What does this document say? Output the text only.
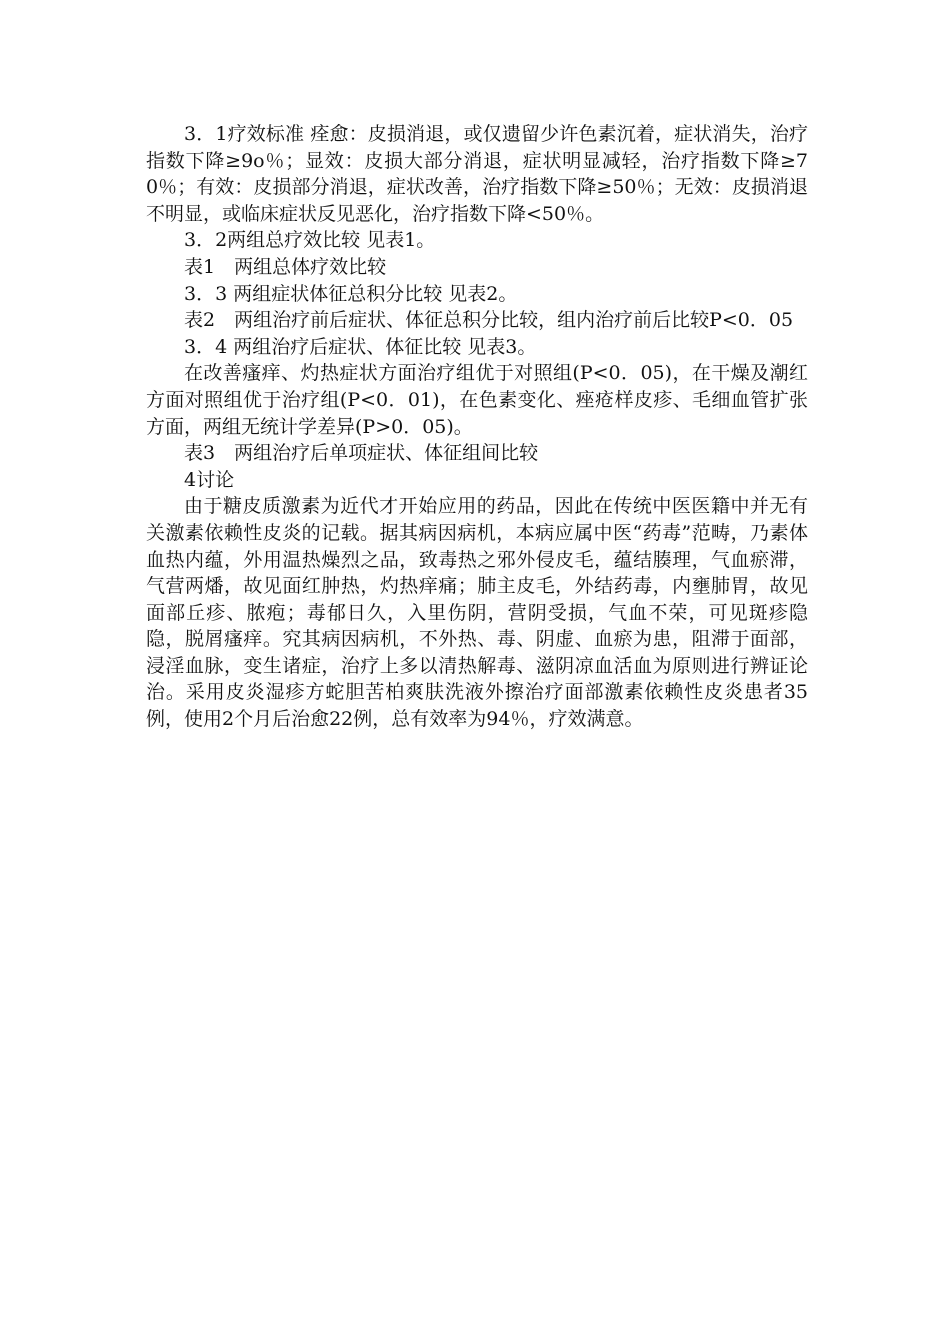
3．1疗效标准 痊愈：皮损消退，或仅遗留少许色素沉着，症状消失，治疗指数下降≥9o％；显效：皮损大部分消退，症状明显减轻，治疗指数下降≥70％；有效：皮损部分消退，症状改善，治疗指数下降≥50％；无效：皮损消退不明显，或临床症状反见恶化，治疗指数下降<50％。

3．2两组总疗效比较 见表1。

表1　两组总体疗效比较

3．3 两组症状体征总积分比较 见表2。

表2　两组治疗前后症状、体征总积分比较，组内治疗前后比较P<0．05

3．4 两组治疗后症状、体征比较 见表3。

在改善瘙痒、灼热症状方面治疗组优于对照组(P<0．05)，在干燥及潮红方面对照组优于治疗组(P<0．01)，在色素变化、痤疮样皮疹、毛细血管扩张方面，两组无统计学差异(P>0．05)。

表3　两组治疗后单项症状、体征组间比较

4讨论

由于糖皮质激素为近代才开始应用的药品，因此在传统中医医籍中并无有关激素依赖性皮炎的记载。据其病因病机，本病应属中医“药毒”范畴，乃素体血热内蕴，外用温热燥烈之品，致毒热之邪外侵皮毛，蕴结腠理，气血瘀滞，气营两燔，故见面红肿热，灼热痒痛；肺主皮毛，外结药毒，内壅肺胃，故见面部丘疹、脓疱；毒郁日久，入里伤阴，营阴受损，气血不荣，可见斑疹隐隐，脱屑瘙痒。究其病因病机，不外热、毒、阴虚、血瘀为患，阻滞于面部，浸淫血脉，变生诸症，治疗上多以清热解毒、滋阴凉血活血为原则进行辨证论治。采用皮炎湿疹方蛇胆苦柏爽肤洗液外擦治疗面部激素依赖性皮炎患者35例，使用2个月后治愈22例，总有效率为94％，疗效满意。
